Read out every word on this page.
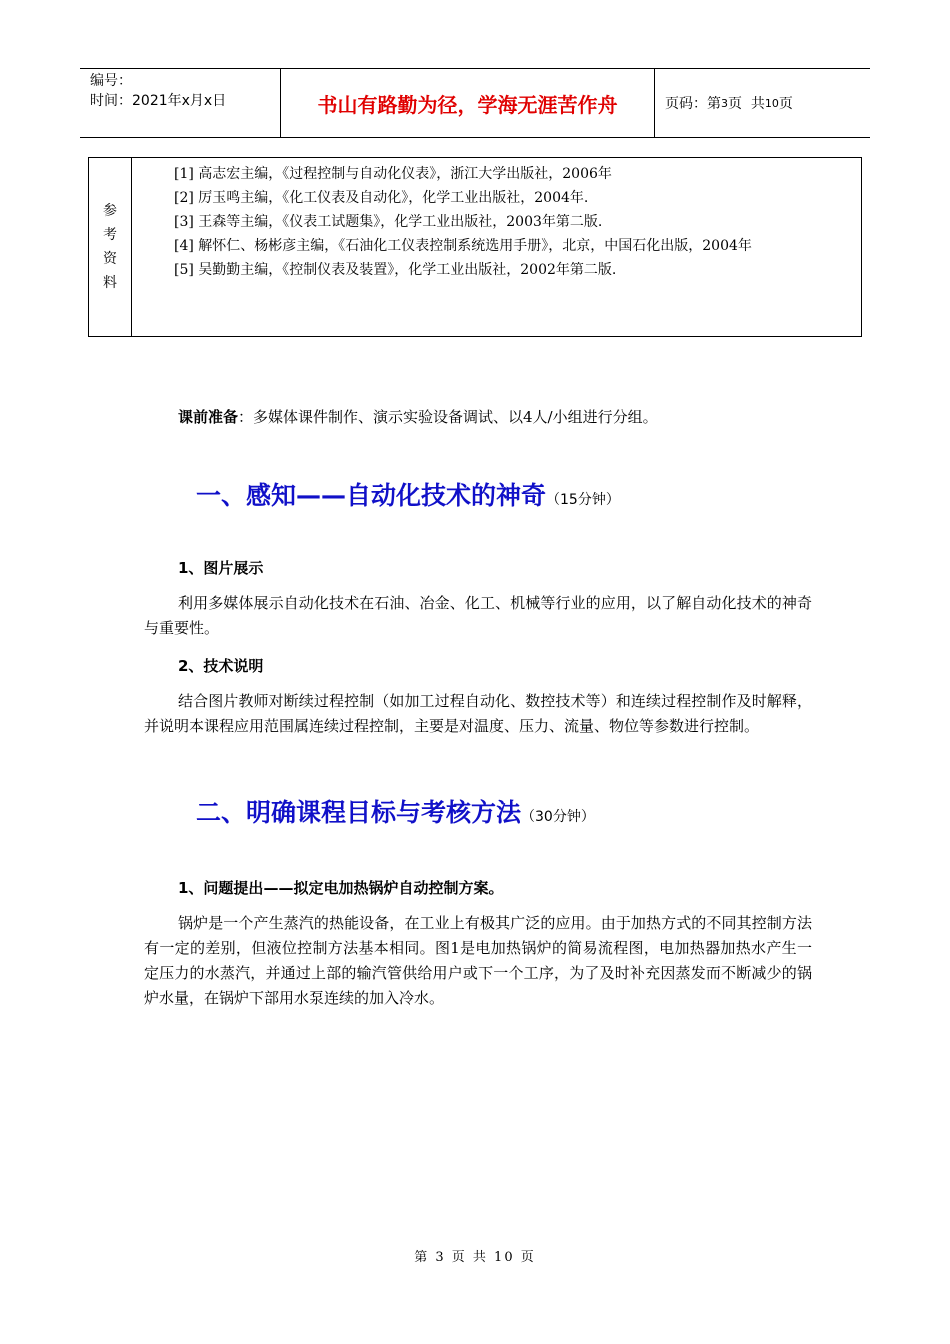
编号：
时间：2021年x月x日	书山有路勤为径，学海无涯苦作舟	页码：第 3 页  共 10 页
参
考
资
料
[1] 高志宏主编，《过程控制与自动化仪表》，浙江大学出版社，2006年
[2] 厉玉鸣主编，《化工仪表及自动化》，化学工业出版社，2004年.
[3] 王森等主编，《仪表工试题集》，化学工业出版社，2003年第二版.
[4] 解怀仁、杨彬彦主编，《石油化工仪表控制系统选用手册》，北京，中国石化出版，2004年
[5] 吴勤勤主编，《控制仪表及装置》，化学工业出版社，2002年第二版.
课前准备：多媒体课件制作、演示实验设备调试、以4人/小组进行分组。
一、感知——自动化技术的神奇（15分钟）
1、图片展示
利用多媒体展示自动化技术在石油、冶金、化工、机械等行业的应用，以了解自动化技术的神奇与重要性。
2、技术说明
结合图片教师对断续过程控制（如加工过程自动化、数控技术等）和连续过程控制作及时解释，并说明本课程应用范围属连续过程控制，主要是对温度、压力、流量、物位等参数进行控制。
二、明确课程目标与考核方法（30分钟）
1、问题提出——拟定电加热锅炉自动控制方案。
锅炉是一个产生蒸汽的热能设备，在工业上有极其广泛的应用。由于加热方式的不同其控制方法有一定的差别，但液位控制方法基本相同。图1是电加热锅炉的简易流程图，电加热器加热水产生一定压力的水蒸汽，并通过上部的输汽管供给用户或下一个工序，为了及时补充因蒸发而不断减少的锅炉水量，在锅炉下部用水泵连续的加入冷水。
第 3 页 共 10 页
